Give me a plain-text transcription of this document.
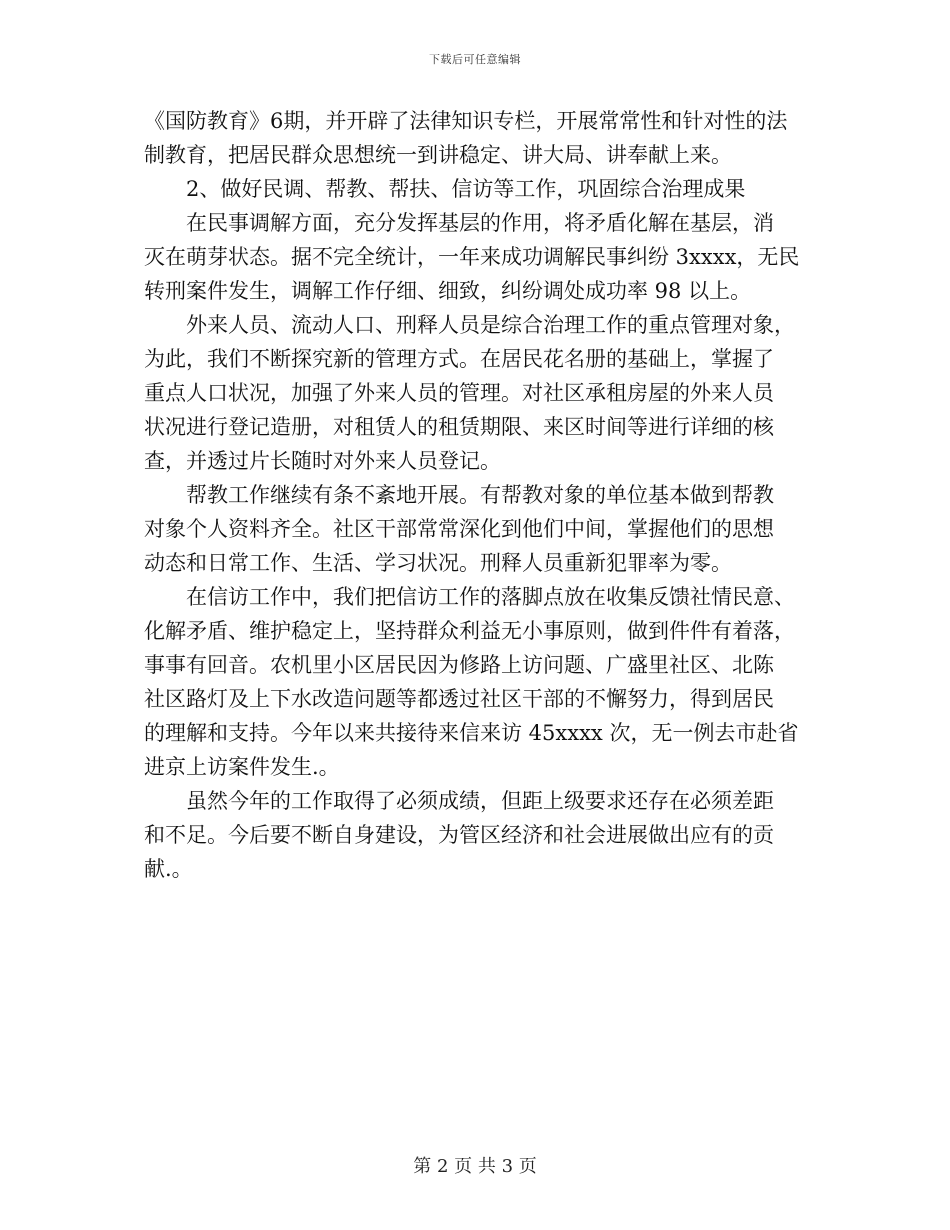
下载后可任意编辑
《国防教育》6期，并开辟了法律知识专栏，开展常常性和针对性的法
制教育，把居民群众思想统一到讲稳定、讲大局、讲奉献上来。
2、做好民调、帮教、帮扶、信访等工作，巩固综合治理成果
在民事调解方面，充分发挥基层的作用，将矛盾化解在基层，消
灭在萌芽状态。据不完全统计，一年来成功调解民事纠纷 3xxxx，无民
转刑案件发生，调解工作仔细、细致，纠纷调处成功率 98 以上。
外来人员、流动人口、刑释人员是综合治理工作的重点管理对象，
为此，我们不断探究新的管理方式。在居民花名册的基础上，掌握了
重点人口状况，加强了外来人员的管理。对社区承租房屋的外来人员
状况进行登记造册，对租赁人的租赁期限、来区时间等进行详细的核
查，并透过片长随时对外来人员登记。
帮教工作继续有条不紊地开展。有帮教对象的单位基本做到帮教
对象个人资料齐全。社区干部常常深化到他们中间，掌握他们的思想
动态和日常工作、生活、学习状况。刑释人员重新犯罪率为零。
在信访工作中，我们把信访工作的落脚点放在收集反馈社情民意、
化解矛盾、维护稳定上，坚持群众利益无小事原则，做到件件有着落，
事事有回音。农机里小区居民因为修路上访问题、广盛里社区、北陈
社区路灯及上下水改造问题等都透过社区干部的不懈努力，得到居民
的理解和支持。今年以来共接待来信来访 45xxxx 次，无一例去市赴省
进京上访案件发生.。
虽然今年的工作取得了必须成绩，但距上级要求还存在必须差距
和不足。今后要不断自身建设，为管区经济和社会进展做出应有的贡
献.。
第 2 页 共 3 页
